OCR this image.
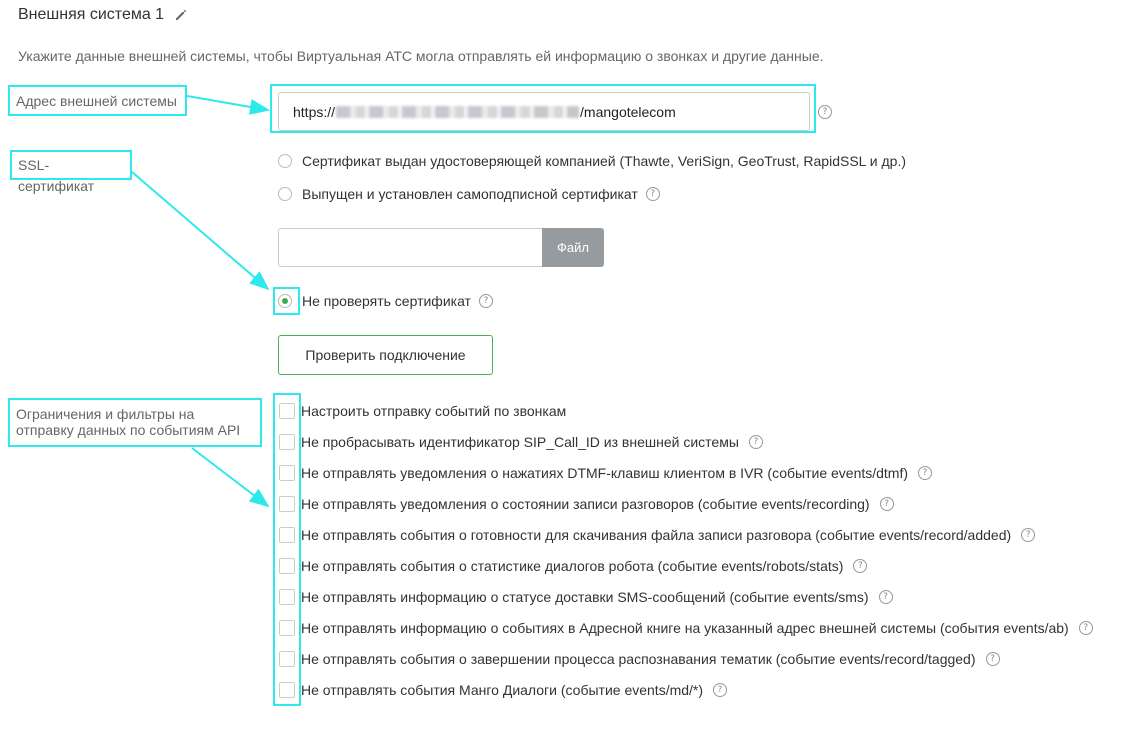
Внешняя система 1
Укажите данные внешней системы, чтобы Виртуальная АТС могла отправлять ей информацию о звонках и другие данные.
Адрес внешней системы
SSL-сертификат
Ограничения и фильтры на отправку данных по событиям API
https://	/mangotelecom	?
Сертификат выдан удостоверяющей компанией (Thawte, VeriSign, GeoTrust, RapidSSL и др.)
Выпущен и установлен самоподписной сертификат	?
Файл
Не проверять сертификат	?
Проверить подключение
Настроить отправку событий по звонкам
Не пробрасывать идентификатор SIP_Call_ID из внешней системы	?
Не отправлять уведомления о нажатиях DTMF-клавиш клиентом в IVR (событие events/dtmf)	?
Не отправлять уведомления о состоянии записи разговоров (событие events/recording)	?
Не отправлять события о готовности для скачивания файла записи разговора (событие events/record/added)	?
Не отправлять события о статистике диалогов робота (событие events/robots/stats)	?
Не отправлять информацию о статусе доставки SMS-сообщений (событие events/sms)	?
Не отправлять информацию о событиях в Адресной книге на указанный адрес внешней системы (события events/ab)	?
Не отправлять события о завершении процесса распознавания тематик (событие events/record/tagged)	?
Не отправлять события Манго Диалоги (событие events/md/*)	?
